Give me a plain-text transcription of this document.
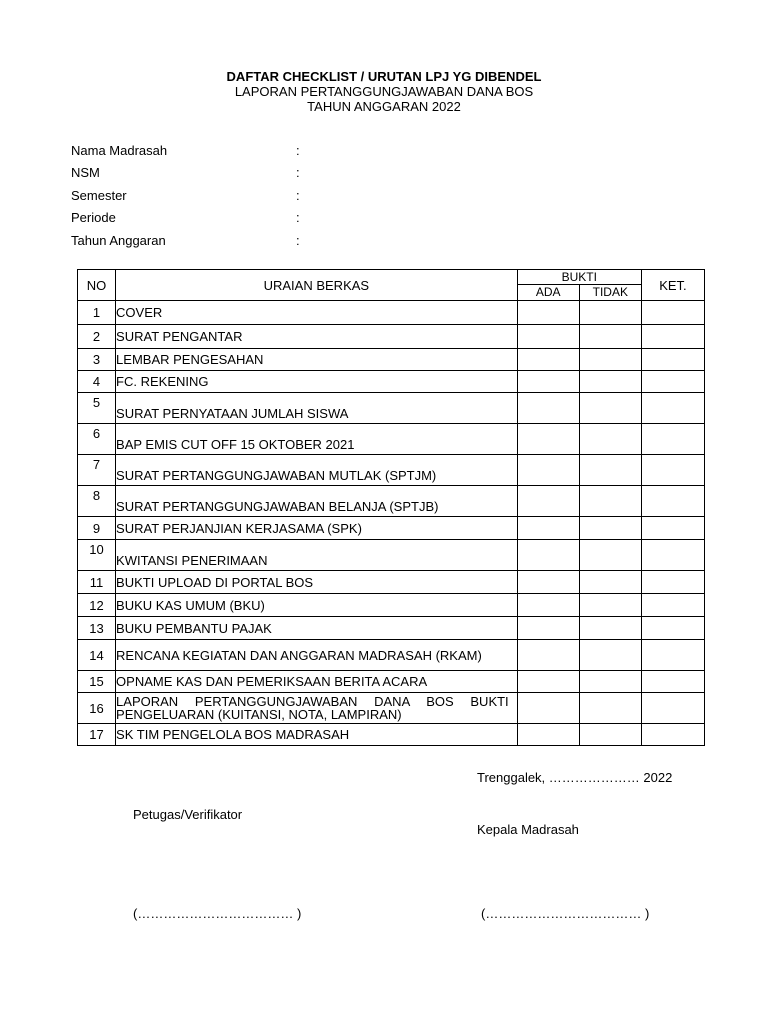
DAFTAR CHECKLIST / URUTAN LPJ YG DIBENDEL
LAPORAN PERTANGGUNGJAWABAN DANA BOS
TAHUN ANGGARAN 2022
Nama Madrasah	:
NSM	:
Semester	:
Periode	:
Tahun Anggaran	:
NO	URAIAN BERKAS	BUKTI		KET.
		ADA	TIDAK	
1	COVER			
2	SURAT PENGANTAR			
3	LEMBAR PENGESAHAN			
4	FC. REKENING			
5	SURAT PERNYATAAN JUMLAH SISWA			
6	BAP EMIS CUT OFF 15 OKTOBER 2021			
7	SURAT PERTANGGUNGJAWABAN MUTLAK (SPTJM)			
8	SURAT PERTANGGUNGJAWABAN BELANJA (SPTJB)			
9	SURAT PERJANJIAN KERJASAMA (SPK)			
10	KWITANSI PENERIMAAN			
11	BUKTI UPLOAD DI PORTAL BOS			
12	BUKU KAS UMUM (BKU)			
13	BUKU PEMBANTU PAJAK			
14	RENCANA KEGIATAN DAN ANGGARAN MADRASAH (RKAM)			
15	OPNAME KAS DAN PEMERIKSAAN BERITA ACARA			
16	LAPORAN PERTANGGUNGJAWABAN DANA BOS BUKTI PENGELUARAN (KUITANSI, NOTA, LAMPIRAN)			
17	SK TIM PENGELOLA BOS MADRASAH			
Trenggalek, ………………… 2022
Petugas/Verifikator
Kepala Madrasah
(……………………………… )	(……………………………… )
